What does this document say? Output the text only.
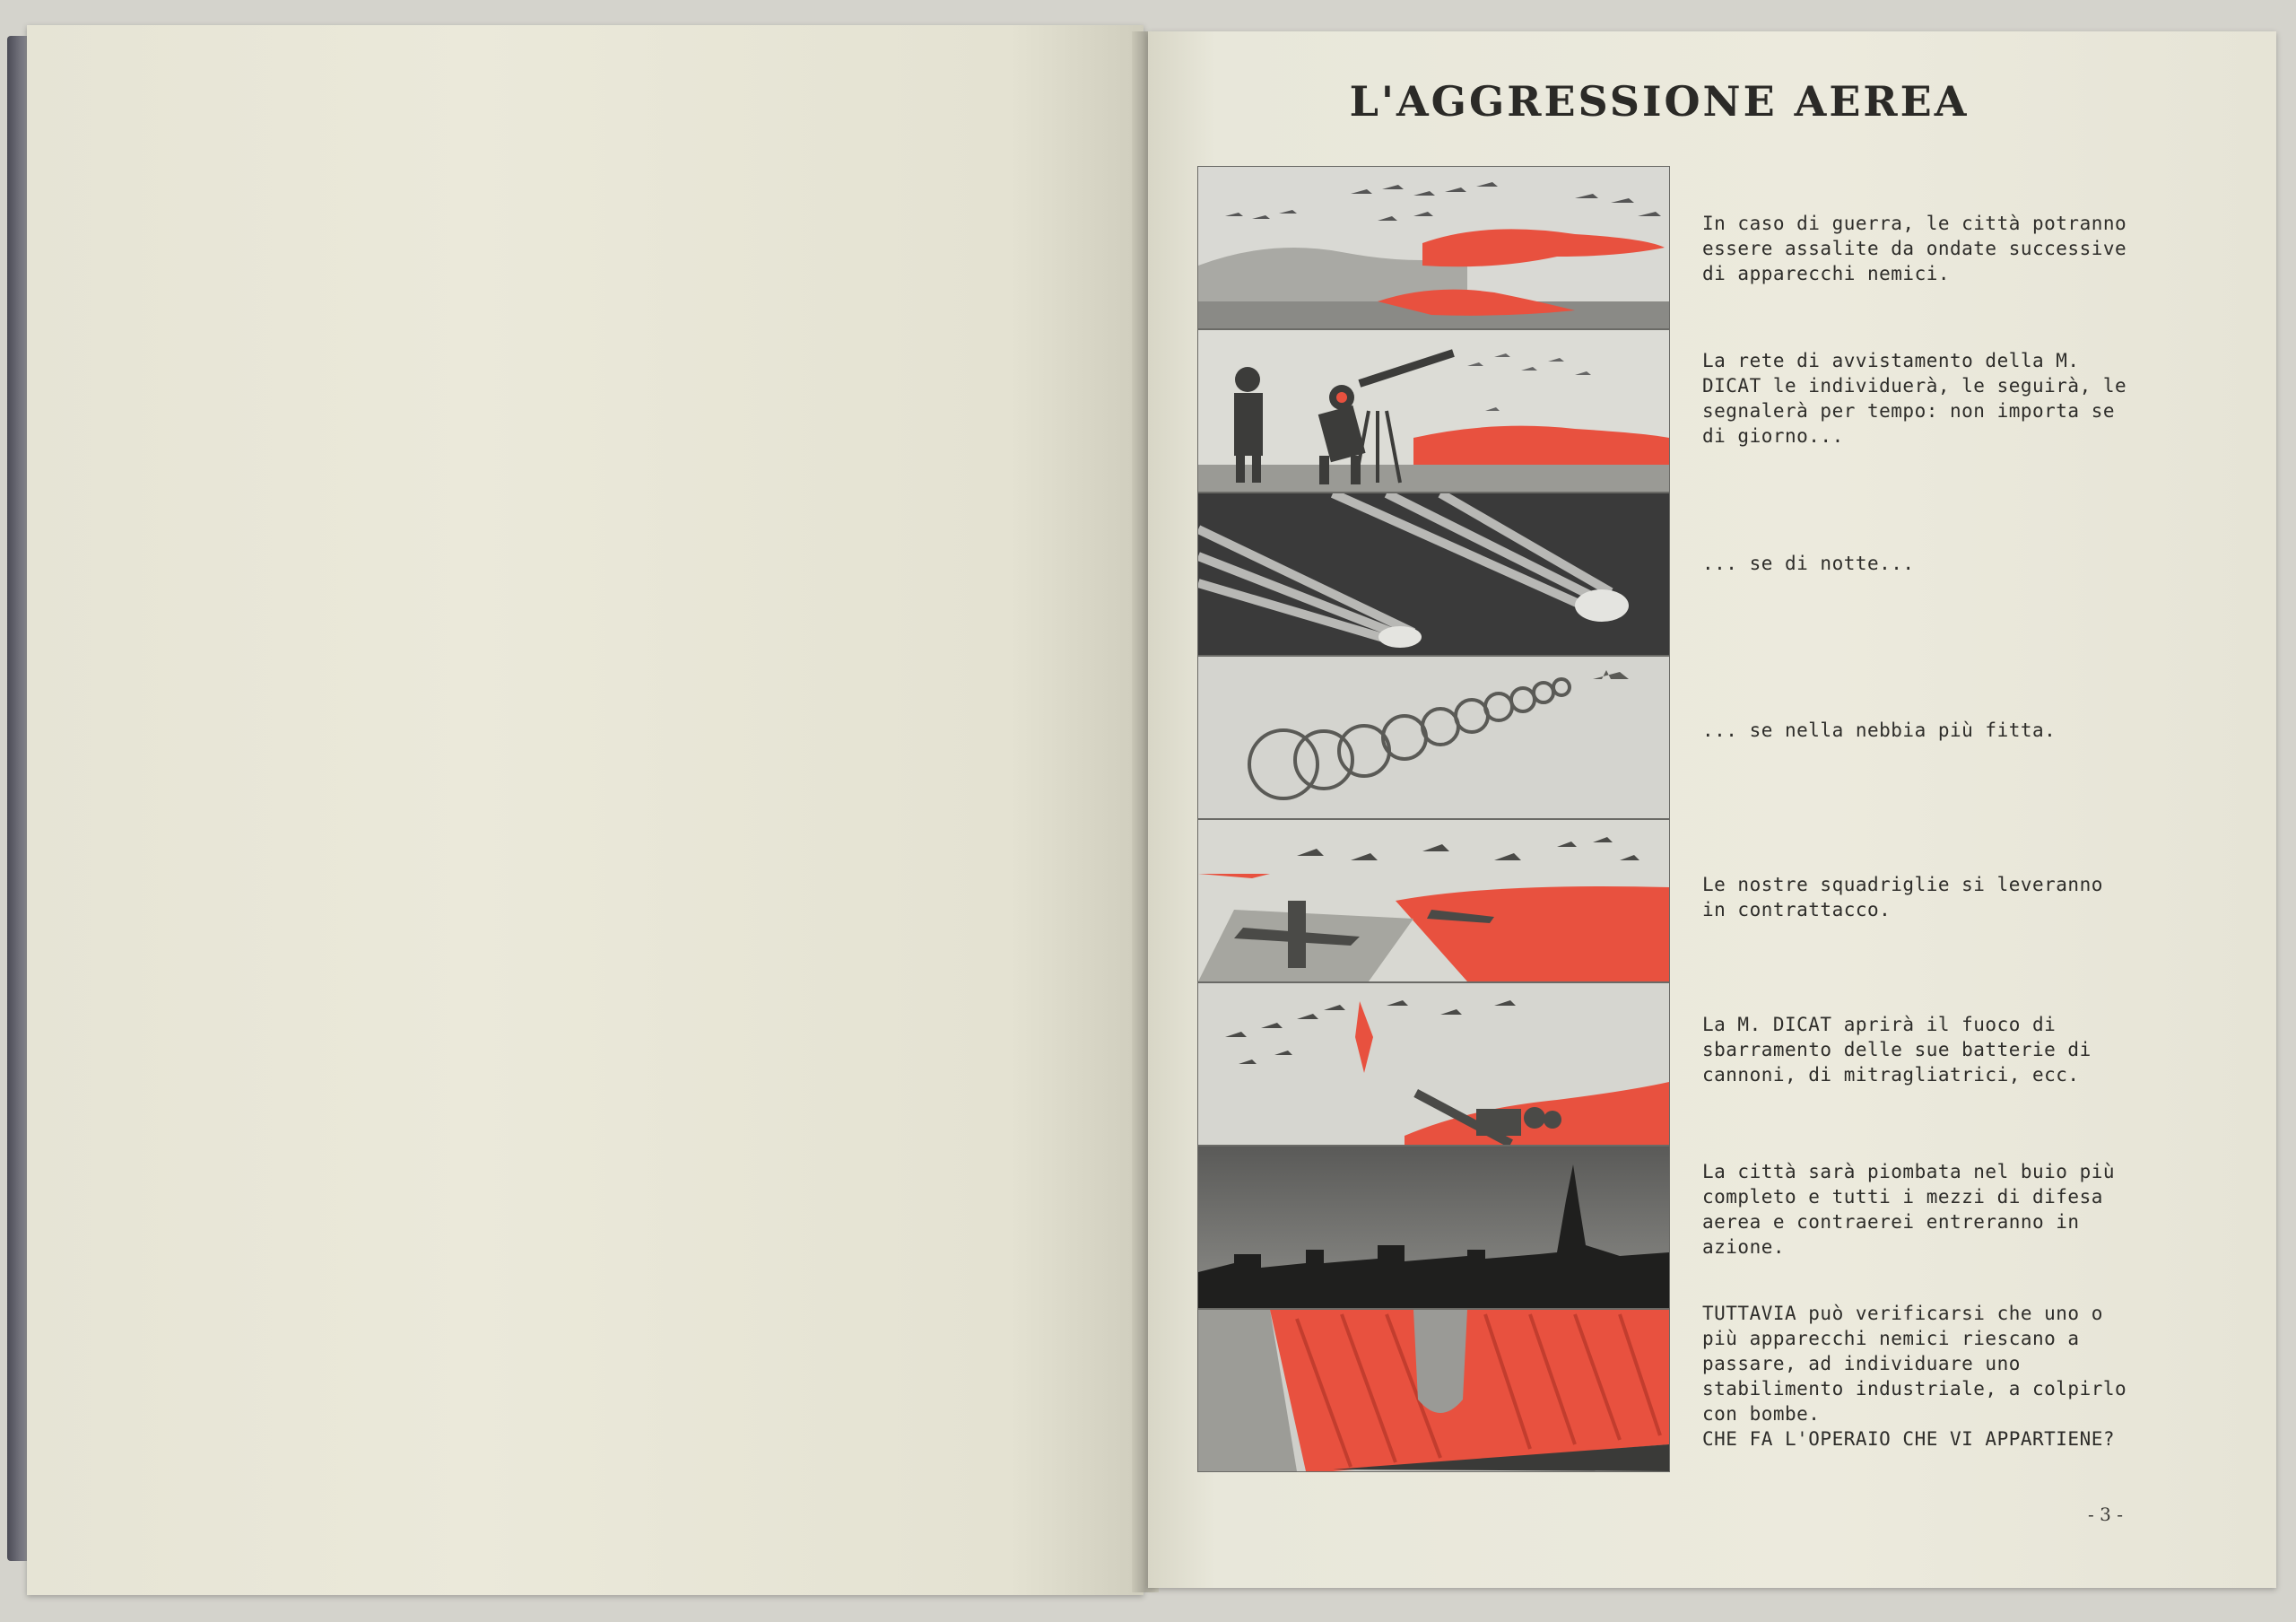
L'AGGRESSIONE AEREA
In caso di guerra, le città potranno essere assalite da ondate successive di apparecchi nemici.
La rete di avvistamento della M. DICAT le individuerà, le seguirà, le segnalerà per tempo: non importa se di giorno...
... se di notte...
... se nella nebbia più fitta.
Le nostre squadriglie si leveranno in contrattacco.
La M. DICAT aprirà il fuoco di sbarramento delle sue batterie di cannoni, di mitragliatrici, ecc.
La città sarà piombata nel buio più completo e tutti i mezzi di difesa aerea e contraerei entreranno in azione.

TUTTAVIA può verificarsi che uno o più apparecchi nemici riescano a passare, ad individuare uno stabilimento industriale, a colpirlo con bombe.

CHE FA L'OPERAIO CHE VI APPARTIENE?

- 3 -
